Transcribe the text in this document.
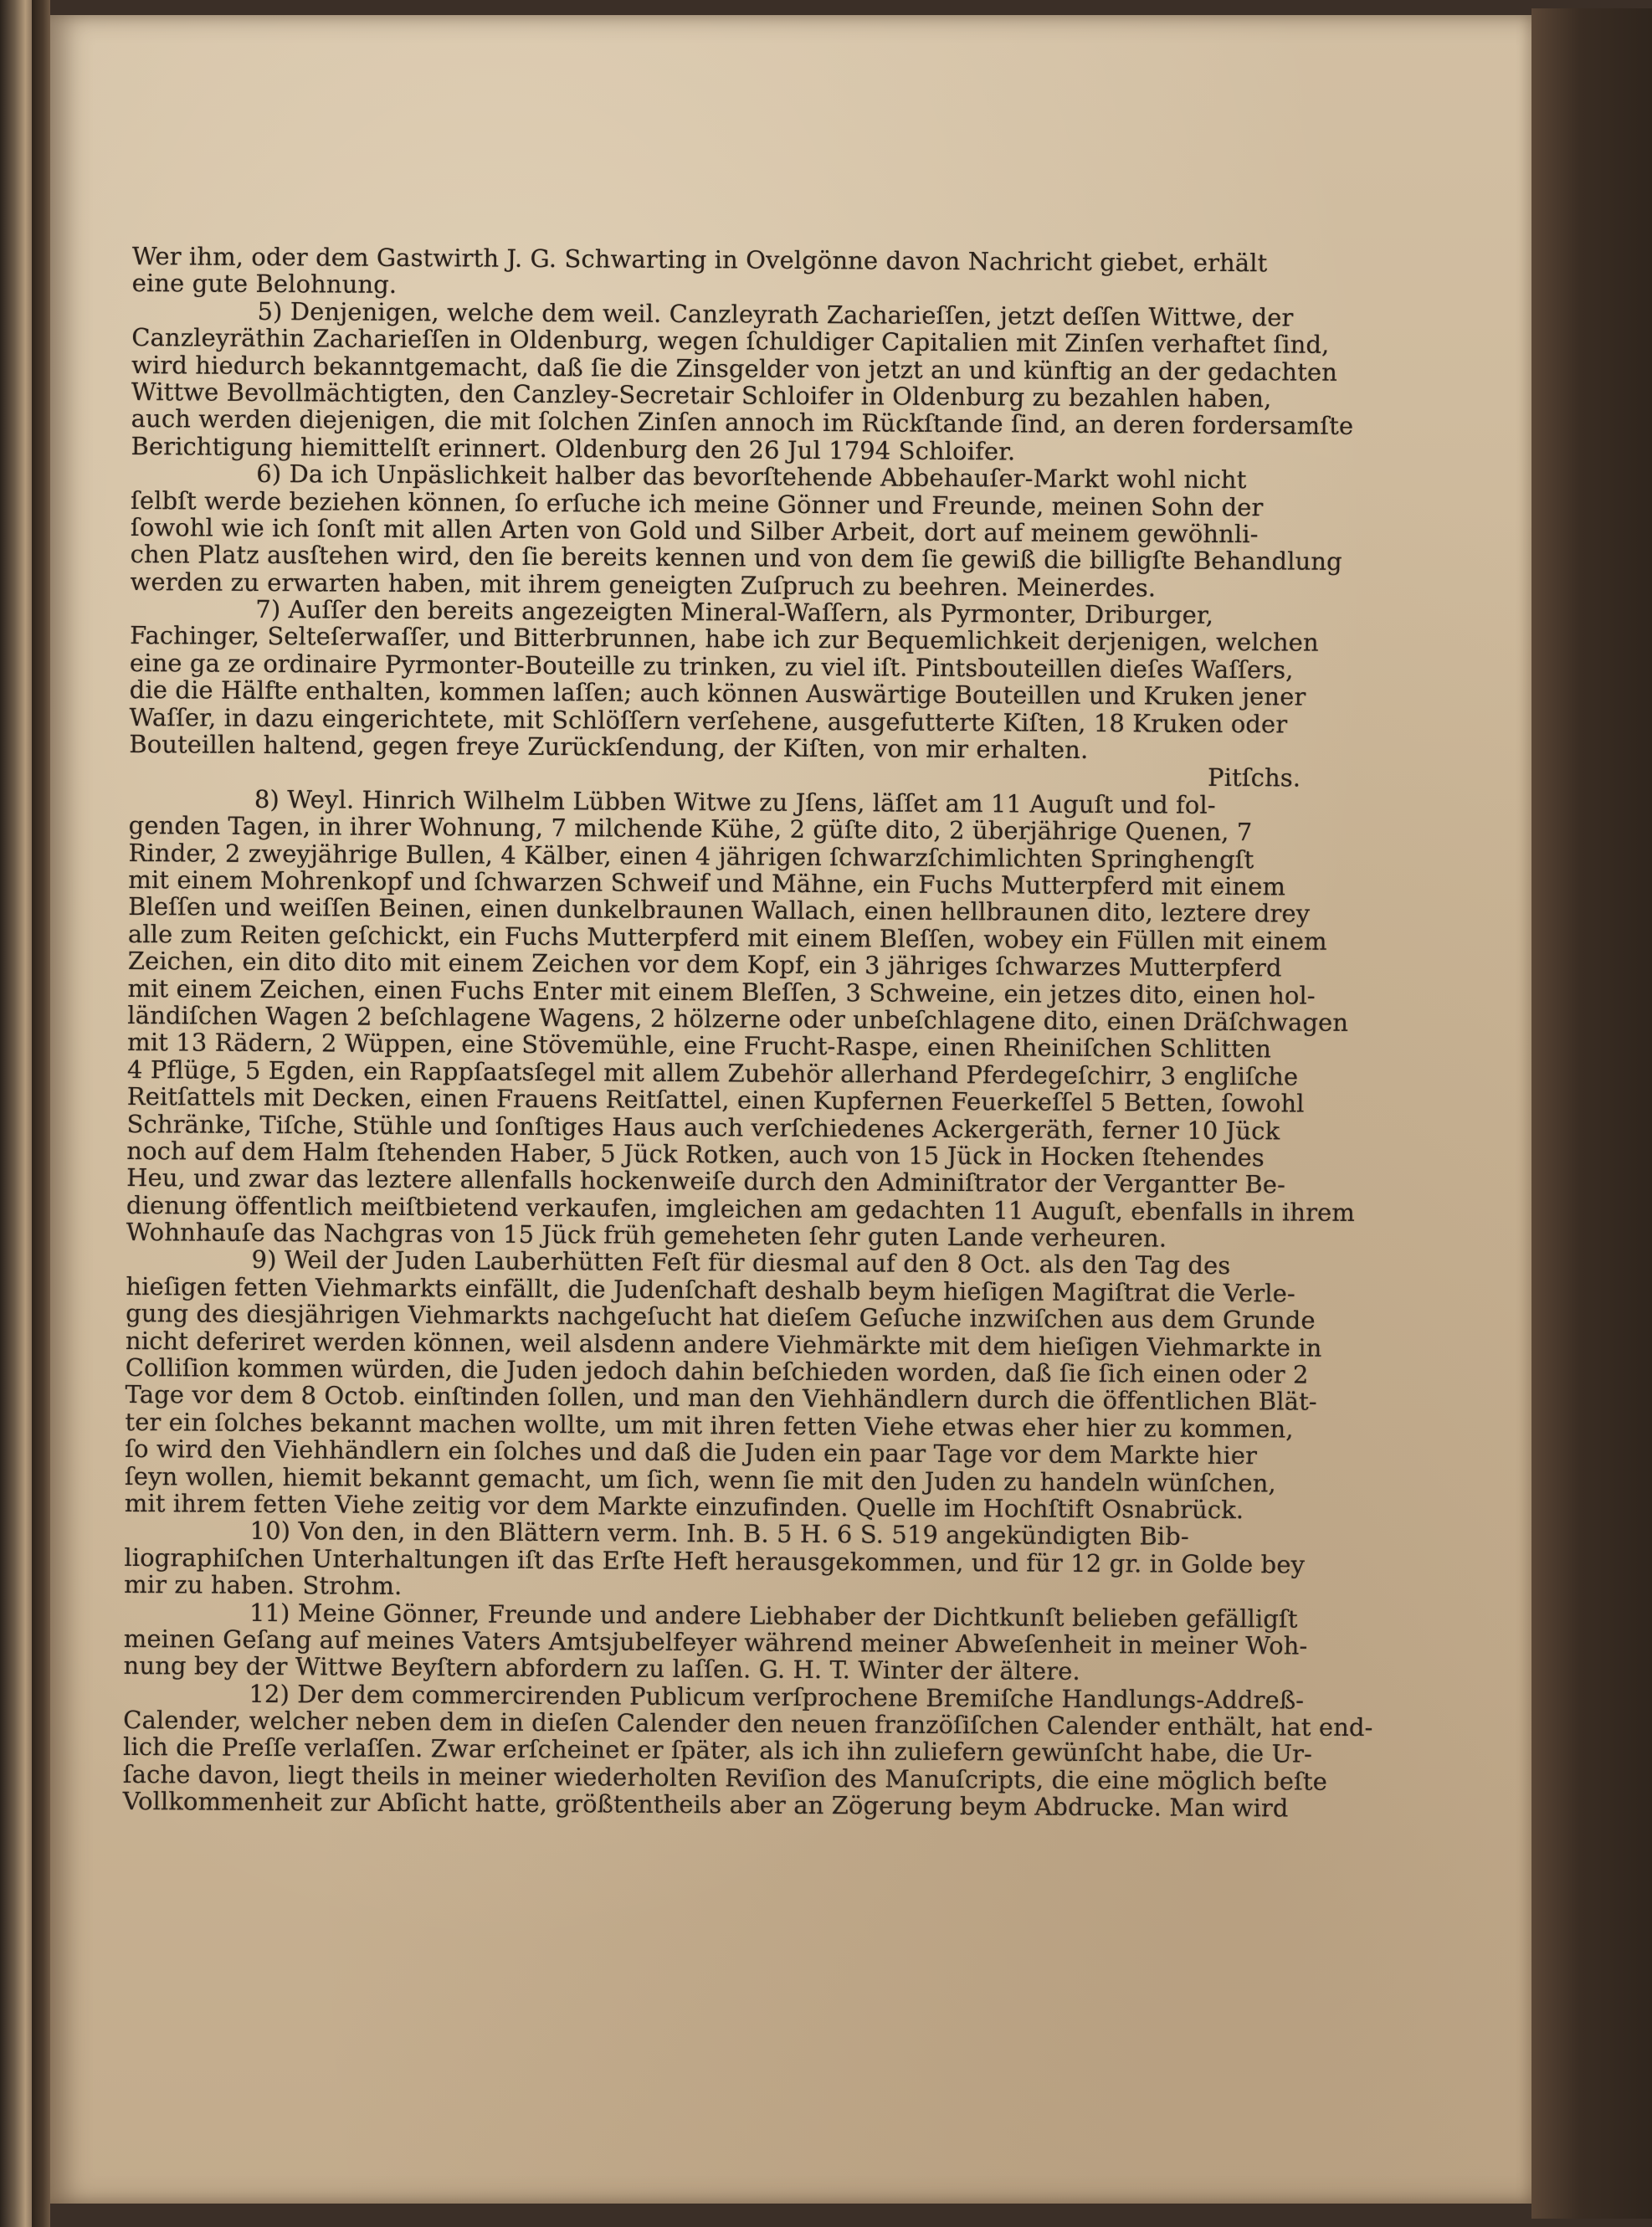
Wer ihm, oder dem Gastwirth J. G. Schwarting in Ovelgönne davon Nachricht giebet, erhält
eine gute Belohnung.
5) Denjenigen, welche dem weil. Canzleyrath Zacharieſſen, jetzt deſſen Wittwe, der
Canzleyräthin Zacharieſſen in Oldenburg, wegen ſchuldiger Capitalien mit Zinſen verhaftet ſind,
wird hiedurch bekanntgemacht, daß ſie die Zinsgelder von jetzt an und künftig an der gedachten
Wittwe Bevollmächtigten, den Canzley-Secretair Schloifer in Oldenburg zu bezahlen haben,
auch werden diejenigen, die mit ſolchen Zinſen annoch im Rückſtande ſind, an deren fordersamſte
Berichtigung hiemittelſt erinnert. Oldenburg den 26 Jul 1794 Schloifer.
6) Da ich Unpäslichkeit halber das bevorſtehende Abbehauſer-Markt wohl nicht
ſelbſt werde beziehen können, ſo erſuche ich meine Gönner und Freunde, meinen Sohn der
ſowohl wie ich ſonſt mit allen Arten von Gold und Silber Arbeit, dort auf meinem gewöhnli-
chen Platz ausſtehen wird, den ſie bereits kennen und von dem ſie gewiß die billigſte Behandlung
werden zu erwarten haben, mit ihrem geneigten Zuſpruch zu beehren. Meinerdes.
7) Auſſer den bereits angezeigten Mineral-Waſſern, als Pyrmonter, Driburger,
Fachinger, Selteſerwaſſer, und Bitterbrunnen, habe ich zur Bequemlichkeit derjenigen, welchen
eine ga ze ordinaire Pyrmonter-Bouteille zu trinken, zu viel iſt. Pintsbouteillen dieſes Waſſers,
die die Hälfte enthalten, kommen laſſen; auch können Auswärtige Bouteillen und Kruken jener
Waſſer, in dazu eingerichtete, mit Schlöſſern verſehene, ausgefutterte Kiſten, 18 Kruken oder
Bouteillen haltend, gegen freye Zurückſendung, der Kiſten, von mir erhalten.
Pitſchs.
8) Weyl. Hinrich Wilhelm Lübben Witwe zu Jſens, läſſet am 11 Auguſt und fol-
genden Tagen, in ihrer Wohnung, 7 milchende Kühe, 2 güſte dito, 2 überjährige Quenen, 7
Rinder, 2 zweyjährige Bullen, 4 Kälber, einen 4 jährigen ſchwarzſchimlichten Springhengſt
mit einem Mohrenkopf und ſchwarzen Schweif und Mähne, ein Fuchs Mutterpferd mit einem
Bleſſen und weiſſen Beinen, einen dunkelbraunen Wallach, einen hellbraunen dito, leztere drey
alle zum Reiten geſchickt, ein Fuchs Mutterpferd mit einem Bleſſen, wobey ein Füllen mit einem
Zeichen, ein dito dito mit einem Zeichen vor dem Kopf, ein 3 jähriges ſchwarzes Mutterpferd
mit einem Zeichen, einen Fuchs Enter mit einem Bleſſen, 3 Schweine, ein jetzes dito, einen hol-
ländiſchen Wagen 2 beſchlagene Wagens, 2 hölzerne oder unbeſchlagene dito, einen Dräſchwagen
mit 13 Rädern, 2 Wüppen, eine Stövemühle, eine Frucht-Raspe, einen Rheiniſchen Schlitten
4 Pflüge, 5 Egden, ein Rappſaatsſegel mit allem Zubehör allerhand Pferdegeſchirr, 3 engliſche
Reitſattels mit Decken, einen Frauens Reitſattel, einen Kupfernen Feuerkeſſel 5 Betten, ſowohl
Schränke, Tiſche, Stühle und ſonſtiges Haus auch verſchiedenes Ackergeräth, ferner 10 Jück
noch auf dem Halm ſtehenden Haber, 5 Jück Rotken, auch von 15 Jück in Hocken ſtehendes
Heu, und zwar das leztere allenfalls hockenweiſe durch den Adminiſtrator der Vergantter Be-
dienung öffentlich meiſtbietend verkaufen, imgleichen am gedachten 11 Auguſt, ebenfalls in ihrem
Wohnhauſe das Nachgras von 15 Jück früh gemeheten ſehr guten Lande verheuren.
9) Weil der Juden Lauberhütten Feſt für diesmal auf den 8 Oct. als den Tag des
hieſigen fetten Viehmarkts einfällt, die Judenſchaft deshalb beym hieſigen Magiſtrat die Verle-
gung des diesjährigen Viehmarkts nachgeſucht hat dieſem Geſuche inzwiſchen aus dem Grunde
nicht deferiret werden können, weil alsdenn andere Viehmärkte mit dem hieſigen Viehmarkte in
Colliſion kommen würden, die Juden jedoch dahin beſchieden worden, daß ſie ſich einen oder 2
Tage vor dem 8 Octob. einſtinden ſollen, und man den Viehhändlern durch die öffentlichen Blät-
ter ein ſolches bekannt machen wollte, um mit ihren fetten Viehe etwas eher hier zu kommen,
ſo wird den Viehhändlern ein ſolches und daß die Juden ein paar Tage vor dem Markte hier
ſeyn wollen, hiemit bekannt gemacht, um ſich, wenn ſie mit den Juden zu handeln wünſchen,
mit ihrem fetten Viehe zeitig vor dem Markte einzufinden. Quelle im Hochſtift Osnabrück.
10) Von den, in den Blättern verm. Inh. B. 5 H. 6 S. 519 angekündigten Bib-
liographiſchen Unterhaltungen iſt das Erſte Heft herausgekommen, und für 12 gr. in Golde bey
mir zu haben. Strohm.
11) Meine Gönner, Freunde und andere Liebhaber der Dichtkunſt belieben gefälligſt
meinen Geſang auf meines Vaters Amtsjubelfeyer während meiner Abweſenheit in meiner Woh-
nung bey der Wittwe Beyſtern abfordern zu laſſen. G. H. T. Winter der ältere.
12) Der dem commercirenden Publicum verſprochene Bremiſche Handlungs-Addreß-
Calender, welcher neben dem in dieſen Calender den neuen franzöſiſchen Calender enthält, hat end-
lich die Preſſe verlaſſen. Zwar erſcheinet er ſpäter, als ich ihn zuliefern gewünſcht habe, die Ur-
ſache davon, liegt theils in meiner wiederholten Reviſion des Manuſcripts, die eine möglich beſte
Vollkommenheit zur Abſicht hatte, größtentheils aber an Zögerung beym Abdrucke. Man wird
